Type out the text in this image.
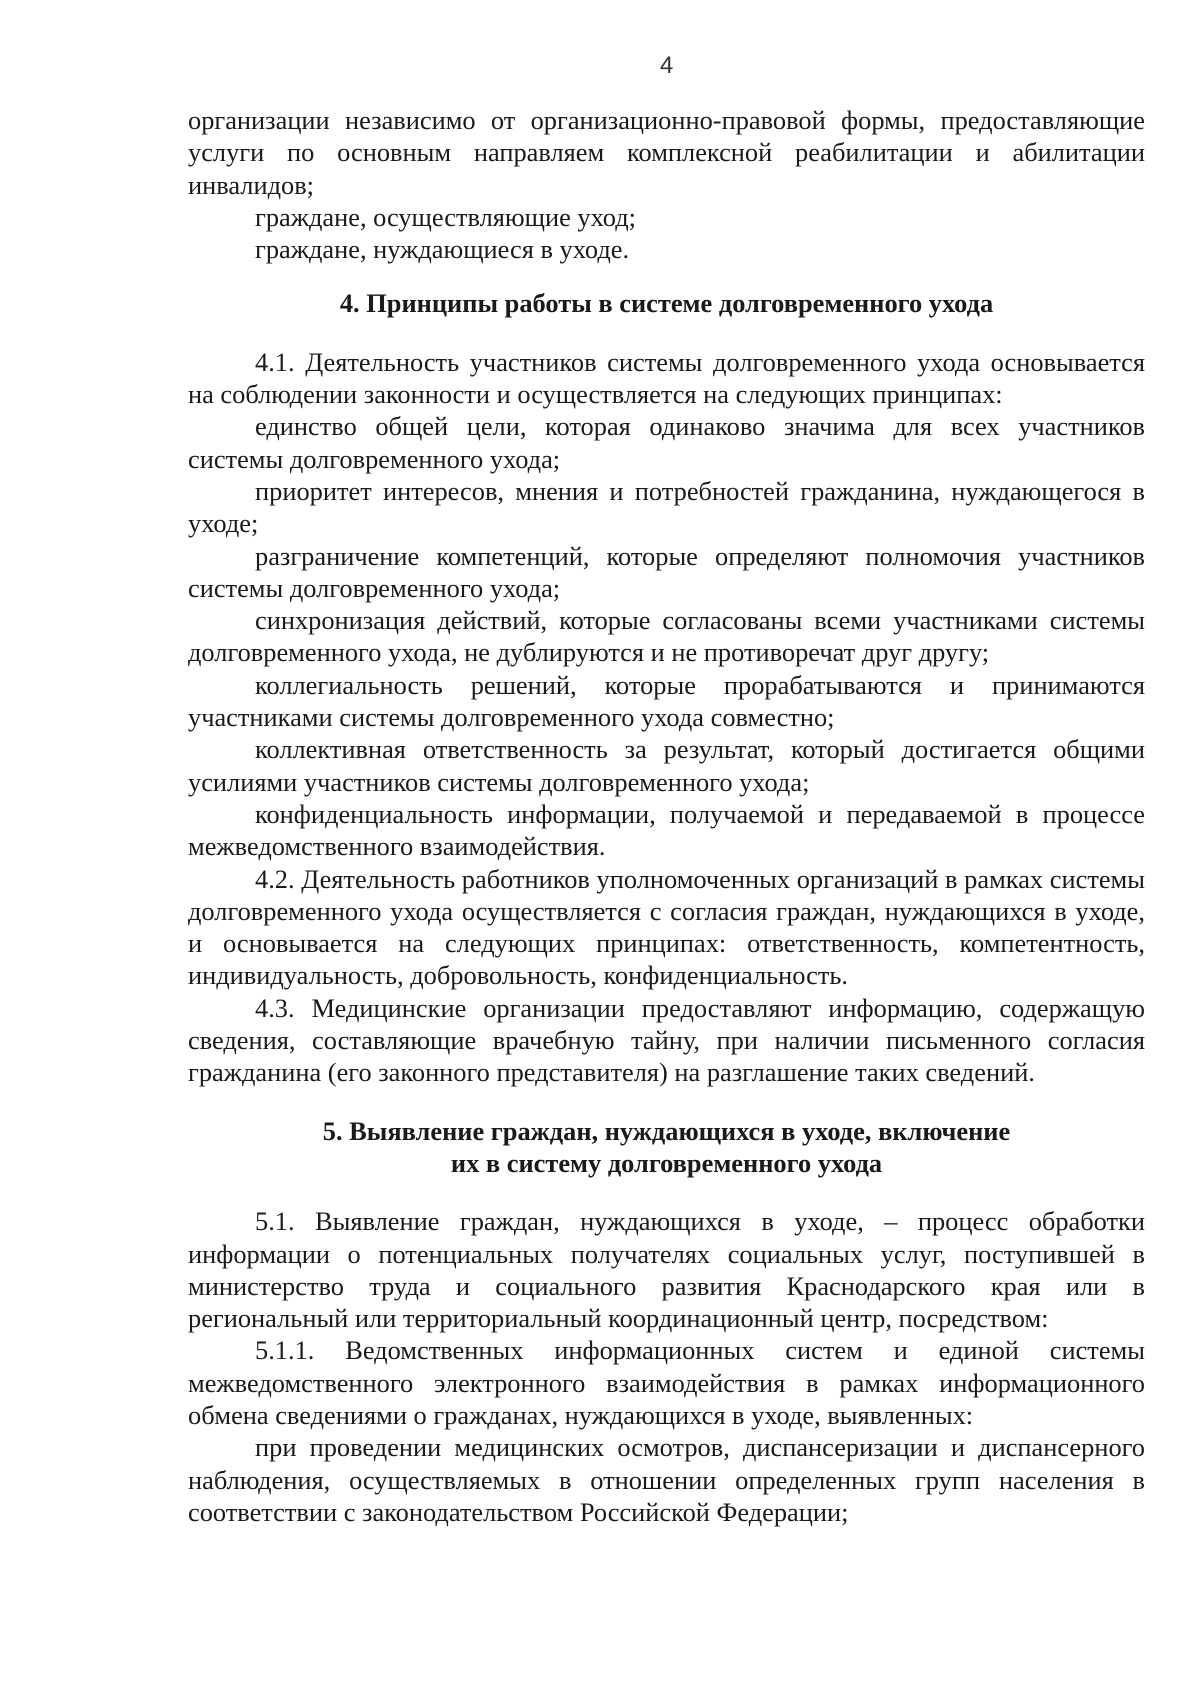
4

организации независимо от организационно-правовой формы, предоставляющие услуги по основным направляем комплексной реабилитации и абилитации инвалидов;

граждане, осуществляющие уход;

граждане, нуждающиеся в уходе.

4. Принципы работы в системе долговременного ухода

4.1. Деятельность участников системы долговременного ухода основывается на соблюдении законности и осуществляется на следующих принципах:

единство общей цели, которая одинаково значима для всех участников системы долговременного ухода;

приоритет интересов, мнения и потребностей гражданина, нуждающегося в уходе;

разграничение компетенций, которые определяют полномочия участников системы долговременного ухода;

синхронизация действий, которые согласованы всеми участниками системы долговременного ухода, не дублируются и не противоречат друг другу;

коллегиальность решений, которые прорабатываются и принимаются участниками системы долговременного ухода совместно;

коллективная ответственность за результат, который достигается общими усилиями участников системы долговременного ухода;

конфиденциальность информации, получаемой и передаваемой в процессе межведомственного взаимодействия.

4.2. Деятельность работников уполномоченных организаций в рамках системы долговременного ухода осуществляется с согласия граждан, нуждающихся в уходе, и основывается на следующих принципах: ответственность, компетентность, индивидуальность, добровольность, конфиденциальность.

4.3. Медицинские организации предоставляют информацию, содержащую сведения, составляющие врачебную тайну, при наличии письменного согласия гражданина (его законного представителя) на разглашение таких сведений.

5. Выявление граждан, нуждающихся в уходе, включение
их в систему долговременного ухода

5.1. Выявление граждан, нуждающихся в уходе, – процесс обработки информации о потенциальных получателях социальных услуг, поступившей в министерство труда и социального развития Краснодарского края или в региональный или территориальный координационный центр, посредством:

5.1.1. Ведомственных информационных систем и единой системы межведомственного электронного взаимодействия в рамках информационного обмена сведениями о гражданах, нуждающихся в уходе, выявленных:

при проведении медицинских осмотров, диспансеризации и диспансерного наблюдения, осуществляемых в отношении определенных групп населения в соответствии с законодательством Российской Федерации;
